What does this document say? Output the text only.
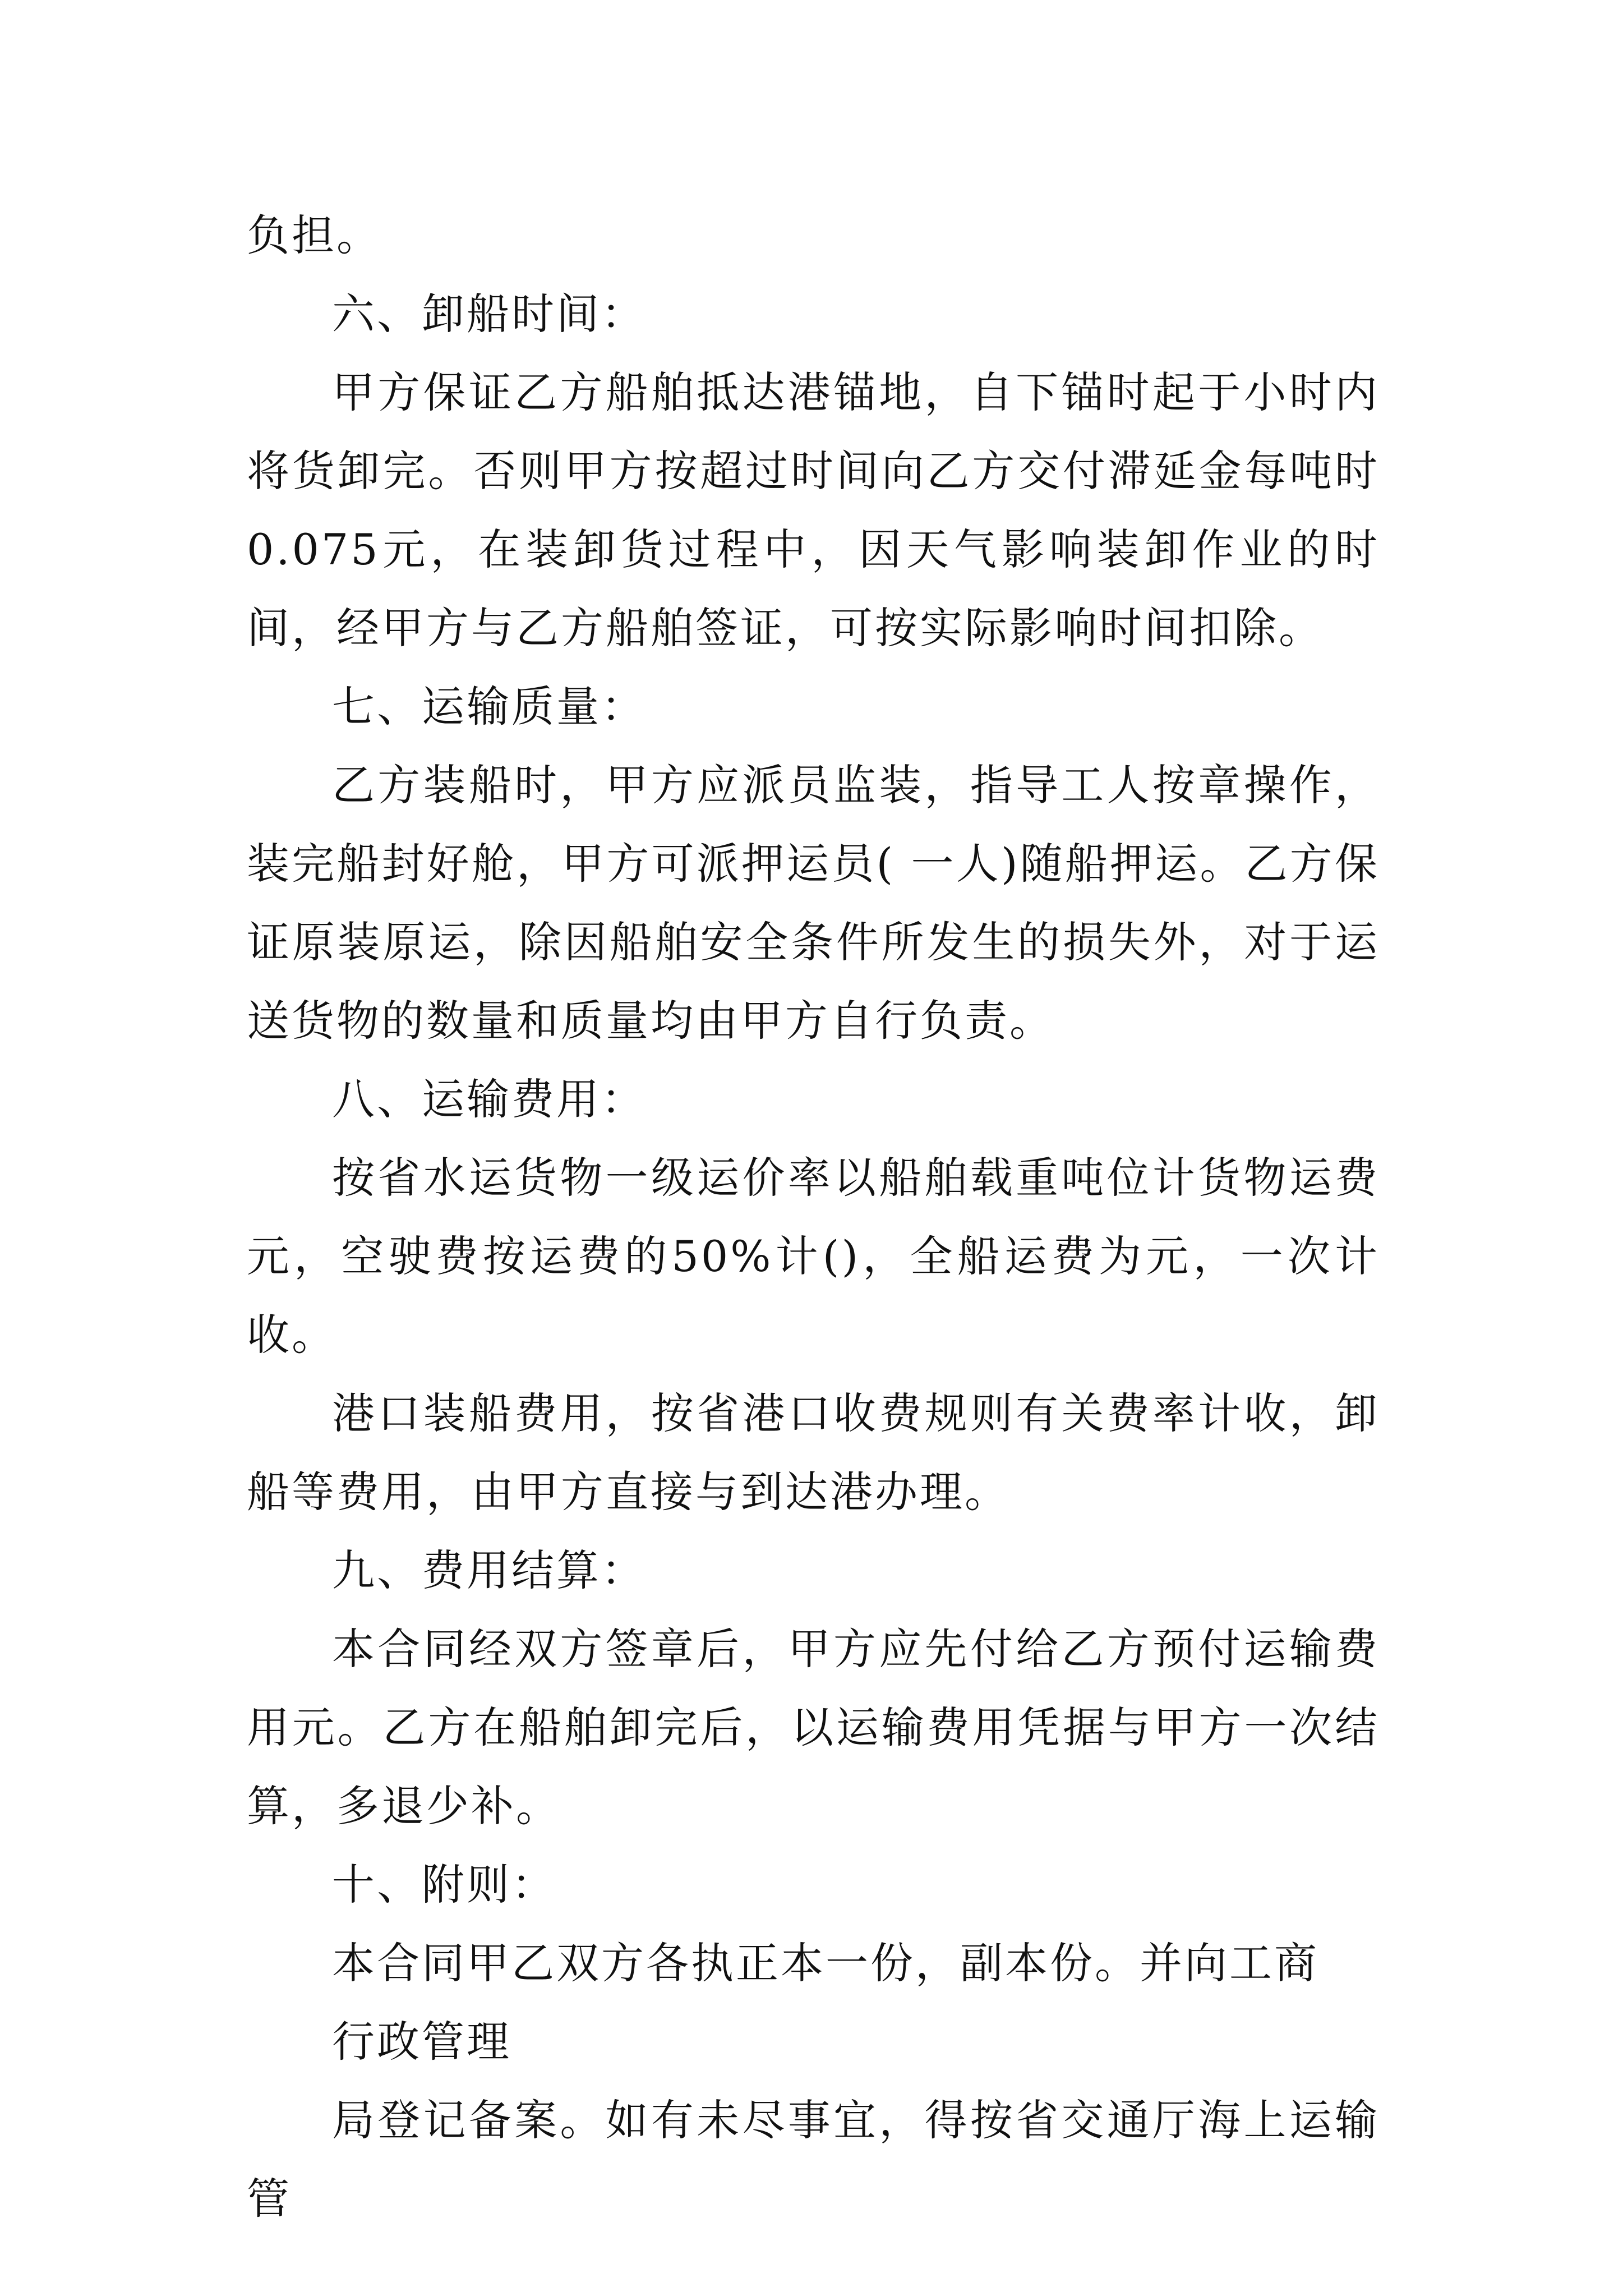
负担。

六、卸船时间：

甲方保证乙方船舶抵达港锚地，自下锚时起于小时内将货卸完。否则甲方按超过时间向乙方交付滞延金每吨时0.075元，在装卸货过程中，因天气影响装卸作业的时间，经甲方与乙方船舶签证，可按实际影响时间扣除。

七、运输质量：

乙方装船时，甲方应派员监装，指导工人按章操作，装完船封好舱，甲方可派押运员( 一人)随船押运。乙方保证原装原运，除因船舶安全条件所发生的损失外，对于运送货物的数量和质量均由甲方自行负责。

八、运输费用：

按省水运货物一级运价率以船舶载重吨位计货物运费元，空驶费按运费的50%计()，全船运费为元，一次计收。

港口装船费用，按省港口收费规则有关费率计收，卸船等费用，由甲方直接与到达港办理。

九、费用结算：

本合同经双方签章后，甲方应先付给乙方预付运输费用元。乙方在船舶卸完后，以运输费用凭据与甲方一次结算，多退少补。

十、附则：

本合同甲乙双方各执正本一份，副本份。并向工商

行政管理

局登记备案。如有未尽事宜，得按省交通厅海上运输管
